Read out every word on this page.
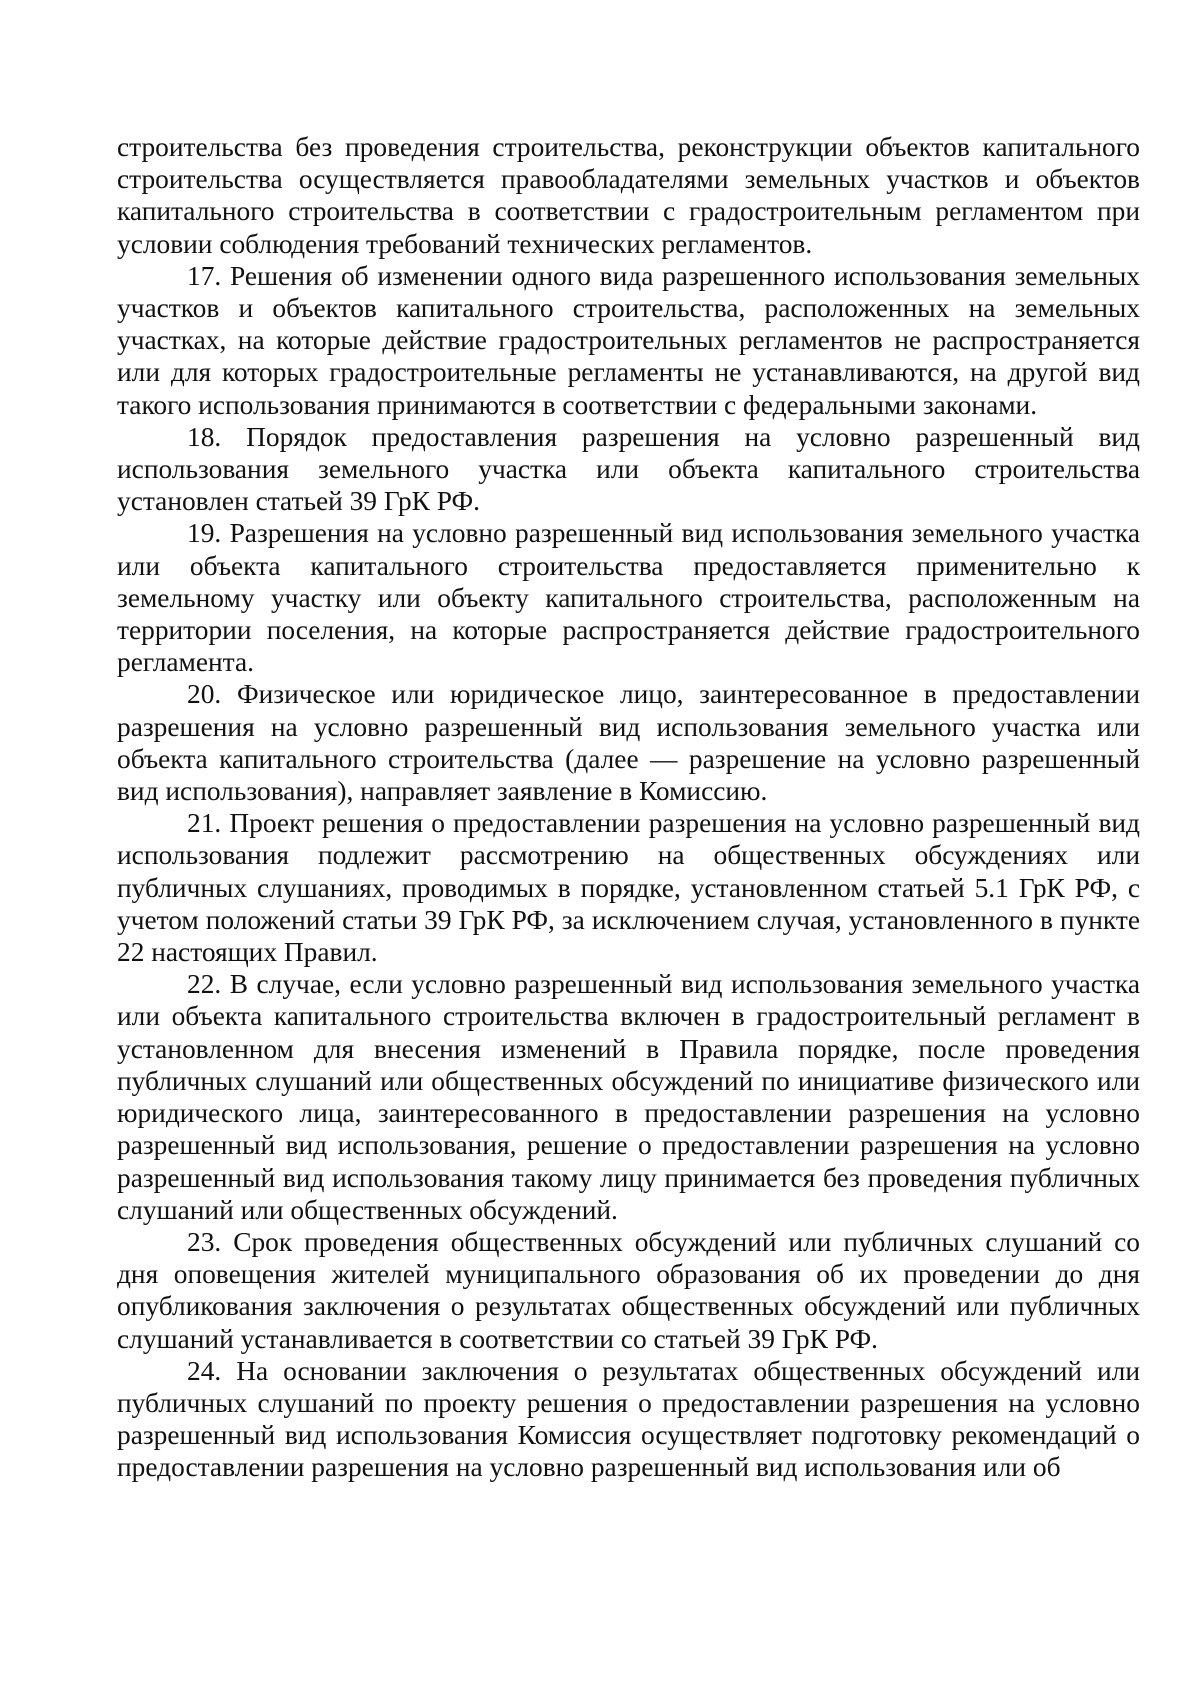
строительства без проведения строительства, реконструкции объектов капитального строительства осуществляется правообладателями земельных участков и объектов капитального строительства в соответствии с градостроительным регламентом при условии соблюдения требований технических регламентов.

17. Решения об изменении одного вида разрешенного использования земельных участков и объектов капитального строительства, расположенных на земельных участках, на которые действие градостроительных регламентов не распространяется или для которых градостроительные регламенты не устанавливаются, на другой вид такого использования принимаются в соответствии с федеральными законами.

18. Порядок предоставления разрешения на условно разрешенный вид использования земельного участка или объекта капитального строительства установлен статьей 39 ГрК РФ.

19. Разрешения на условно разрешенный вид использования земельного участка или объекта капитального строительства предоставляется применительно к земельному участку или объекту капитального строительства, расположенным на территории поселения, на которые распространяется действие градостроительного регламента.

20. Физическое или юридическое лицо, заинтересованное в предоставлении разрешения на условно разрешенный вид использования земельного участка или объекта капитального строительства (далее — разрешение на условно разрешенный вид использования), направляет заявление в Комиссию.

21. Проект решения о предоставлении разрешения на условно разрешенный вид использования подлежит рассмотрению на общественных обсуждениях или публичных слушаниях, проводимых в порядке, установленном статьей 5.1 ГрК РФ, с учетом положений статьи 39 ГрК РФ, за исключением случая, установленного в пункте 22 настоящих Правил.

22. В случае, если условно разрешенный вид использования земельного участка или объекта капитального строительства включен в градостроительный регламент в установленном для внесения изменений в Правила порядке, после проведения публичных слушаний или общественных обсуждений по инициативе физического или юридического лица, заинтересованного в предоставлении разрешения на условно разрешенный вид использования, решение о предоставлении разрешения на условно разрешенный вид использования такому лицу принимается без проведения публичных слушаний или общественных обсуждений.

23. Срок проведения общественных обсуждений или публичных слушаний со дня оповещения жителей муниципального образования об их проведении до дня опубликования заключения о результатах общественных обсуждений или публичных слушаний устанавливается в соответствии со статьей 39 ГрК РФ.

24. На основании заключения о результатах общественных обсуждений или публичных слушаний по проекту решения о предоставлении разрешения на условно разрешенный вид использования Комиссия осуществляет подготовку рекомендаций о предоставлении разрешения на условно разрешенный вид использования или об
